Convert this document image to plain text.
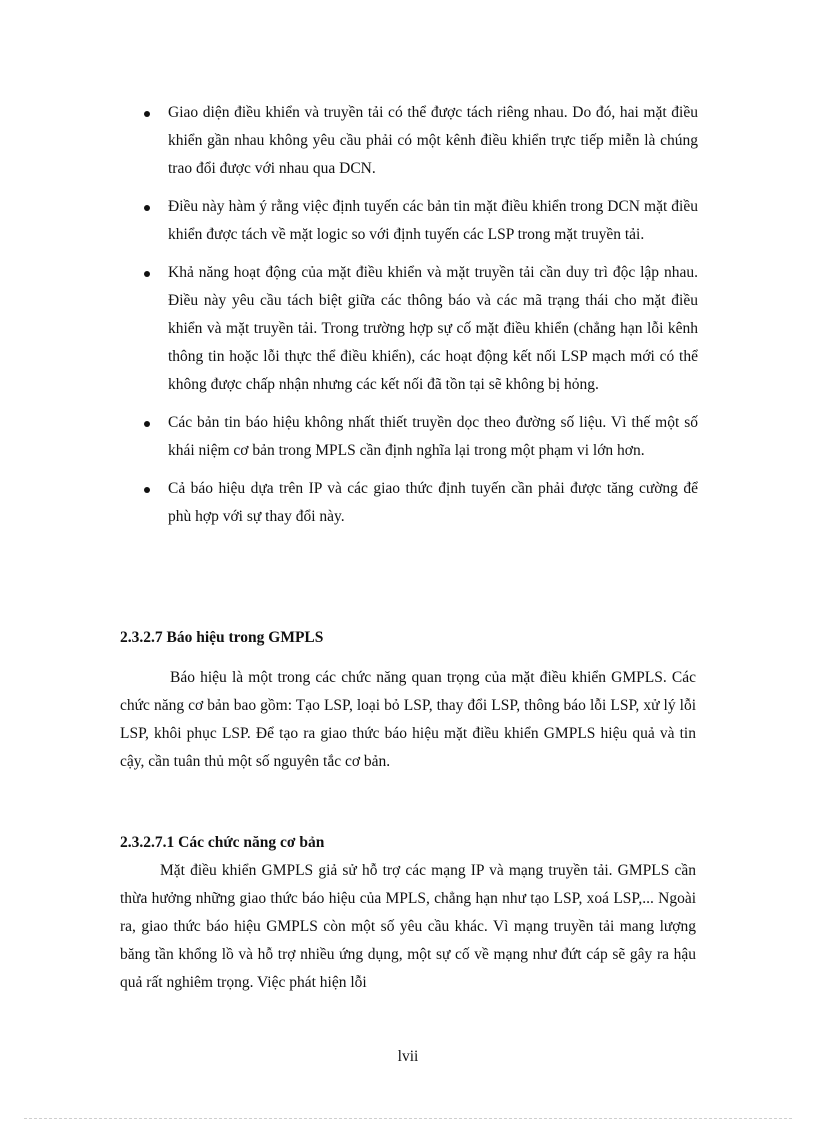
Giao diện điều khiển và truyền tải có thể được tách riêng nhau. Do đó, hai mặt điều khiển gần nhau không yêu cầu phải có một kênh điều khiển trực tiếp miễn là chúng trao đổi được với nhau qua DCN.
Điều này hàm ý rằng việc định tuyến các bản tin mặt điều khiển trong DCN mặt điều khiển được tách về mặt logic so với định tuyến các LSP trong mặt truyền tải.
Khả năng hoạt động của mặt điều khiển và mặt truyền tải cần duy trì độc lập nhau. Điều này yêu cầu tách biệt giữa các thông báo và các mã trạng thái cho mặt điều khiển và mặt truyền tải. Trong trường hợp sự cố mặt điều khiển (chẳng hạn lỗi kênh thông tin hoặc lỗi thực thể điều khiển), các hoạt động kết nối LSP mạch mới có thể không được chấp nhận nhưng các kết nối đã tồn tại sẽ không bị hỏng.
Các bản tin báo hiệu không nhất thiết truyền dọc theo đường số liệu. Vì thế một số khái niệm cơ bản trong MPLS cần định nghĩa lại trong một phạm vi lớn hơn.
Cả báo hiệu dựa trên IP và các giao thức định tuyến cần phải được tăng cường để phù hợp với sự thay đổi này.
2.3.2.7 Báo hiệu trong GMPLS

Báo hiệu là một trong các chức năng quan trọng của mặt điều khiển GMPLS. Các chức năng cơ bản bao gồm: Tạo LSP, loại bỏ LSP, thay đổi LSP, thông báo lỗi LSP, xử lý lỗi LSP, khôi phục LSP. Để tạo ra giao thức báo hiệu mặt điều khiển GMPLS hiệu quả và tin cậy, cần tuân thủ một số nguyên tắc cơ bản.

2.3.2.7.1 Các chức năng cơ bản

Mặt điều khiển GMPLS giả sử hỗ trợ các mạng IP và mạng truyền tải. GMPLS cần thừa hưởng những giao thức báo hiệu của MPLS, chẳng hạn như tạo LSP, xoá LSP,... Ngoài ra, giao thức báo hiệu GMPLS còn một số yêu cầu khác. Vì mạng truyền tải mang lượng băng tần khổng lồ và hỗ trợ nhiều ứng dụng, một sự cố về mạng như đứt cáp sẽ gây ra hậu quả rất nghiêm trọng. Việc phát hiện lỗi

lvii
